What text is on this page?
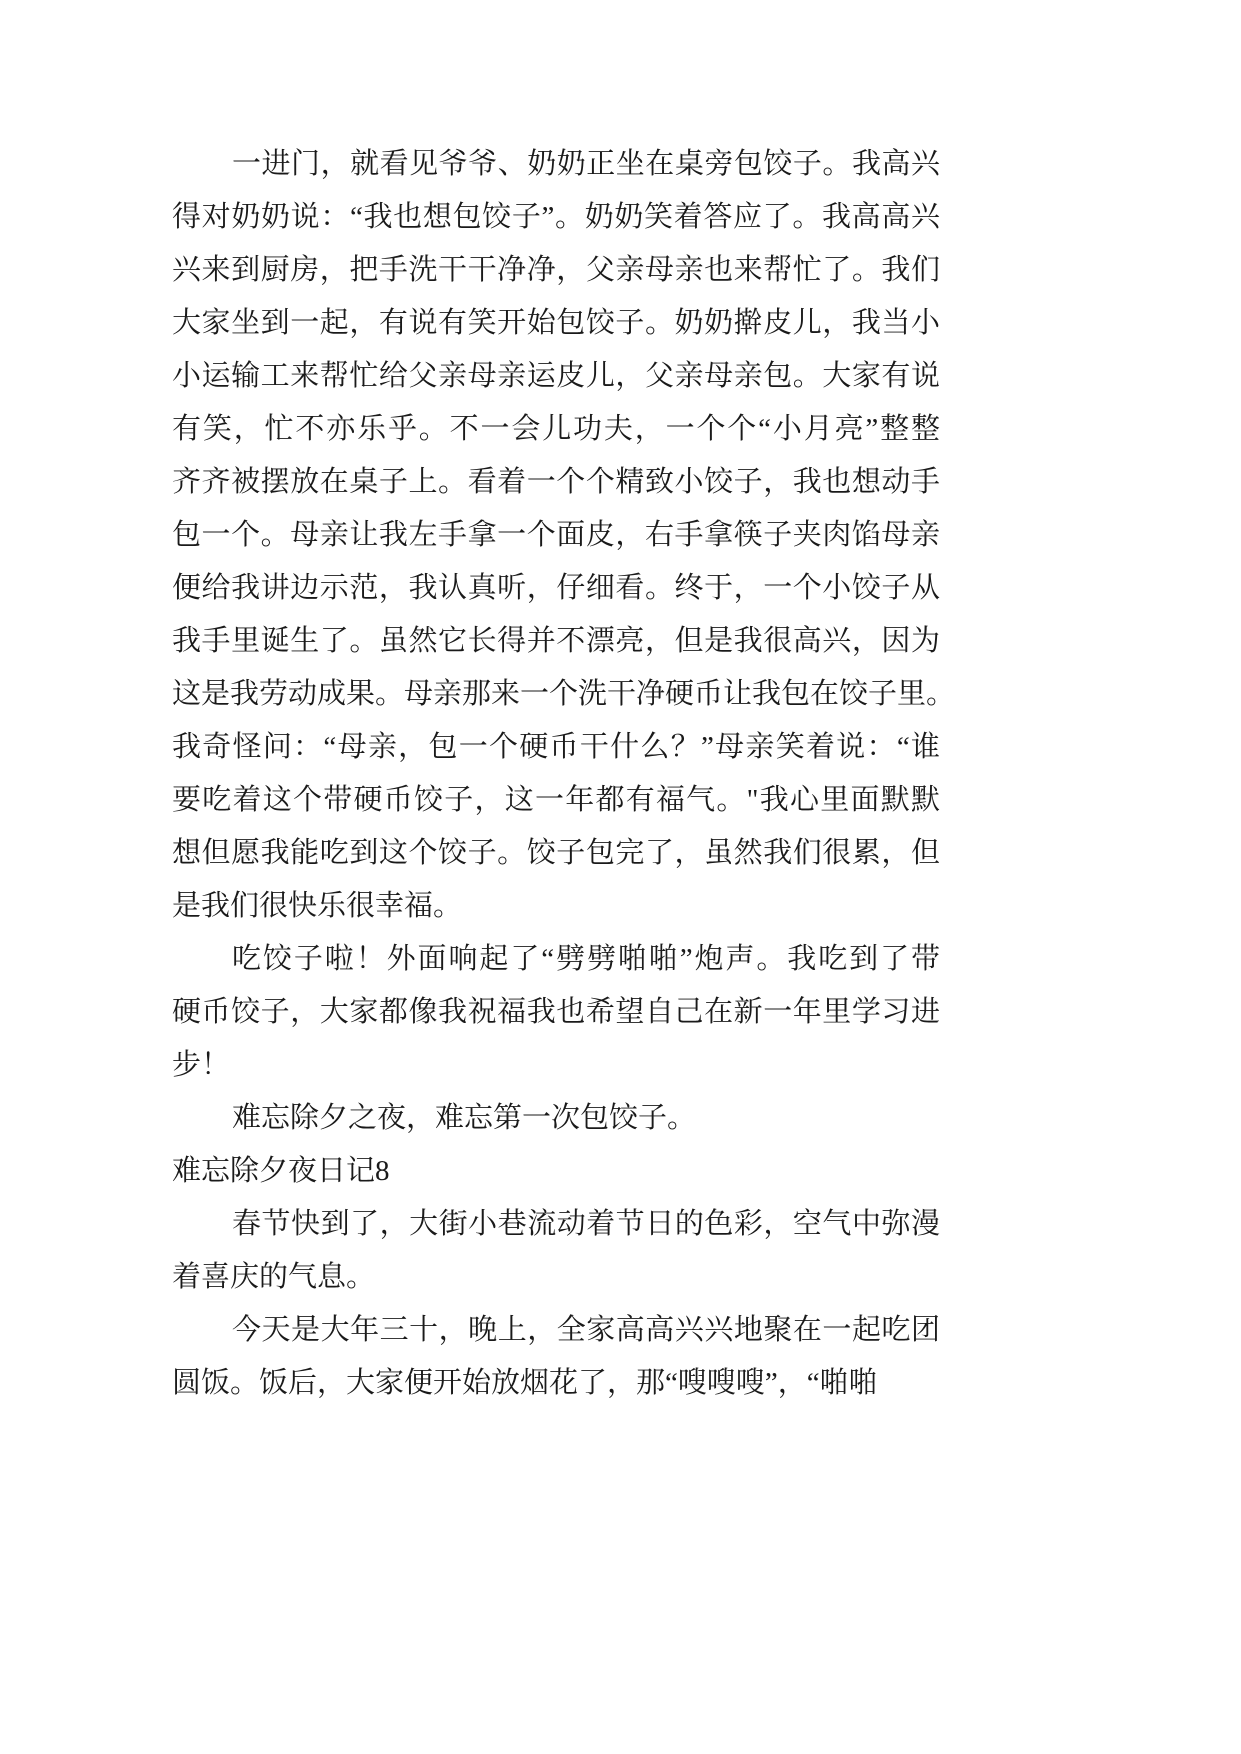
一进门，就看见爷爷、奶奶正坐在桌旁包饺子。我高兴
得对奶奶说：“我也想包饺子”。奶奶笑着答应了。我高高兴
兴来到厨房，把手洗干干净净，父亲母亲也来帮忙了。我们
大家坐到一起，有说有笑开始包饺子。奶奶擀皮儿，我当小
小运输工来帮忙给父亲母亲运皮儿，父亲母亲包。大家有说
有笑，忙不亦乐乎。不一会儿功夫，一个个“小月亮”整整
齐齐被摆放在桌子上。看着一个个精致小饺子，我也想动手
包一个。母亲让我左手拿一个面皮，右手拿筷子夹肉馅母亲
便给我讲边示范，我认真听，仔细看。终于，一个小饺子从
我手里诞生了。虽然它长得并不漂亮，但是我很高兴，因为
这是我劳动成果。母亲那来一个洗干净硬币让我包在饺子里。
我奇怪问：“母亲，包一个硬币干什么？”母亲笑着说：“谁
要吃着这个带硬币饺子，这一年都有福气。"我心里面默默
想但愿我能吃到这个饺子。饺子包完了，虽然我们很累，但
是我们很快乐很幸福。
吃饺子啦！外面响起了“劈劈啪啪”炮声。我吃到了带
硬币饺子，大家都像我祝福我也希望自己在新一年里学习进
步！
难忘除夕之夜，难忘第一次包饺子。
难忘除夕夜日记8
春节快到了，大街小巷流动着节日的色彩，空气中弥漫
着喜庆的气息。
今天是大年三十，晚上，全家高高兴兴地聚在一起吃团
圆饭。饭后，大家便开始放烟花了，那“嗖嗖嗖”，“啪啪
